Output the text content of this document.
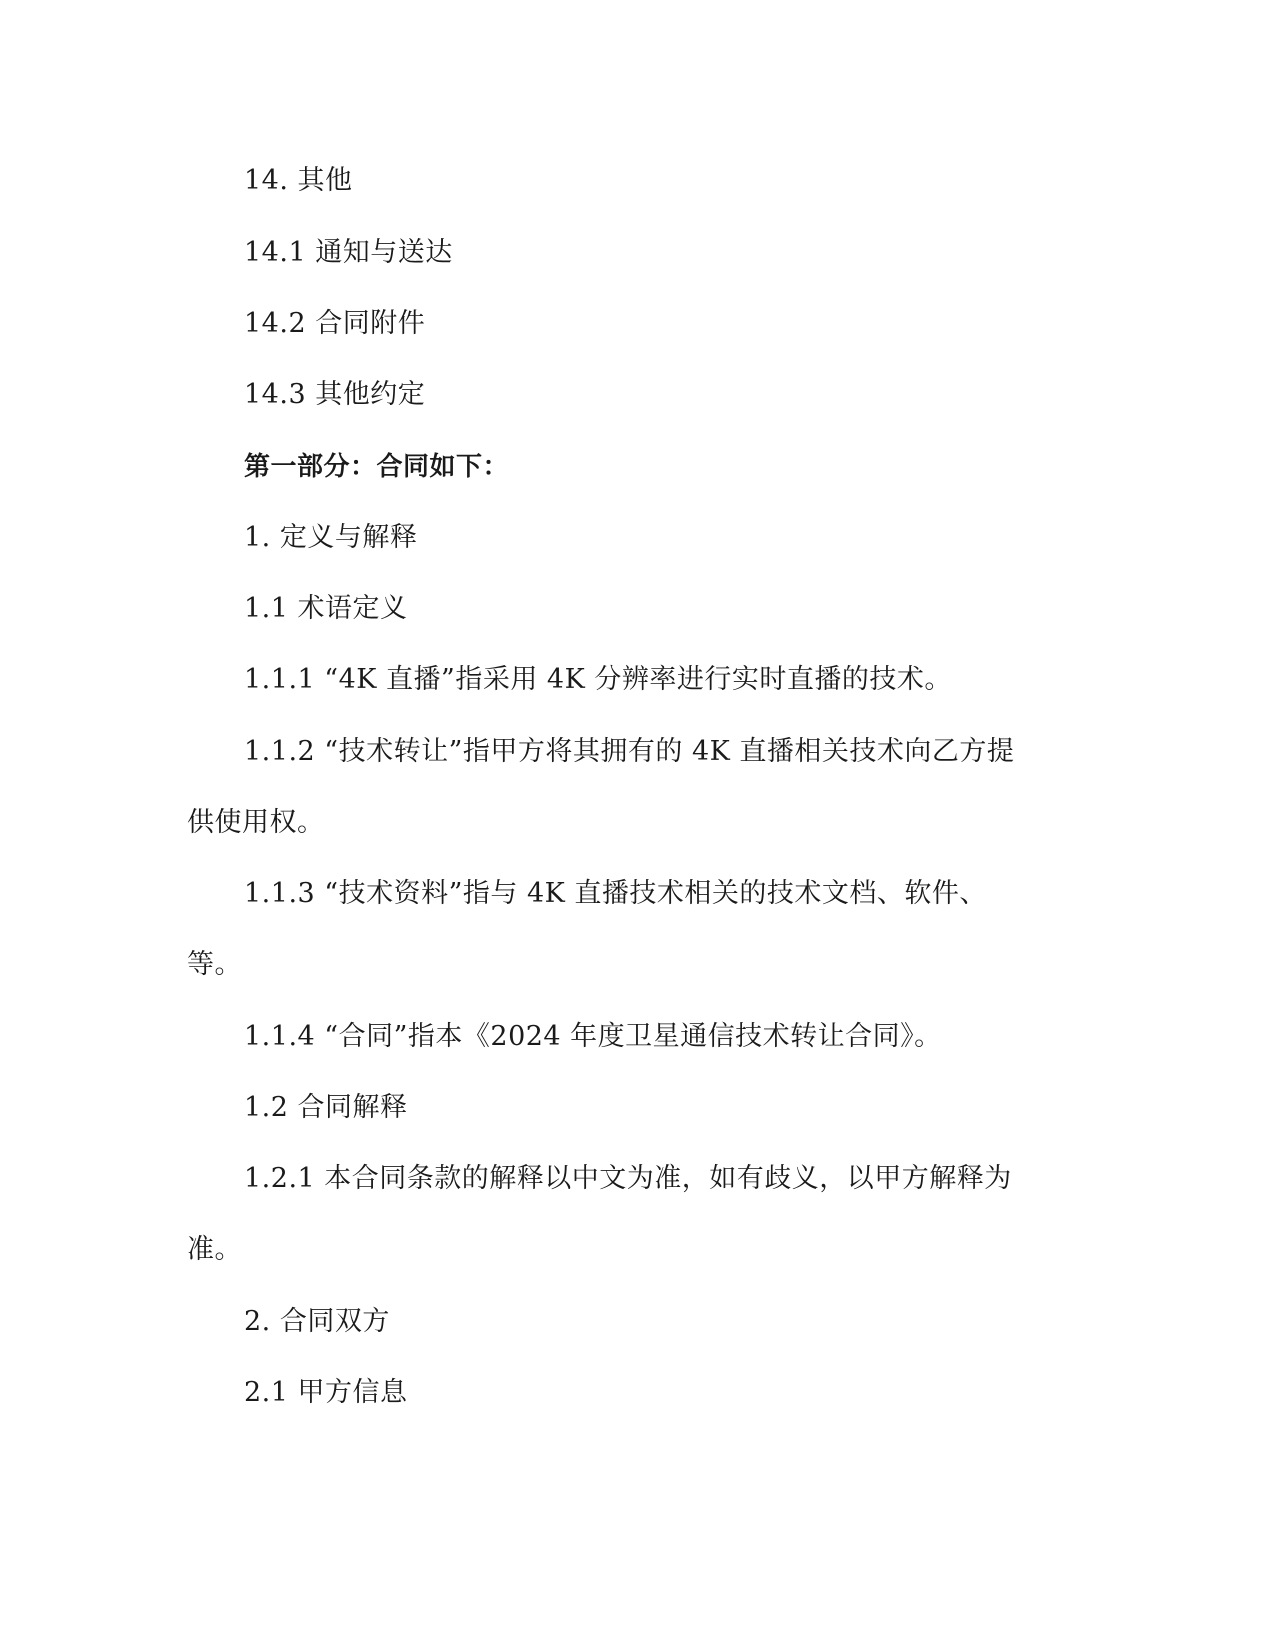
14. 其他
14.1 通知与送达
14.2 合同附件
14.3 其他约定
第一部分：合同如下：
1. 定义与解释
1.1 术语定义
1.1.1 “4K 直播”指采用 4K 分辨率进行实时直播的技术。
1.1.2 “技术转让”指甲方将其拥有的 4K 直播相关技术向乙方提
供使用权。
1.1.3 “技术资料”指与 4K 直播技术相关的技术文档、软件、
等。
1.1.4 “合同”指本《2024 年度卫星通信技术转让合同》。
1.2 合同解释
1.2.1 本合同条款的解释以中文为准，如有歧义，以甲方解释为
准。
2. 合同双方
2.1 甲方信息
